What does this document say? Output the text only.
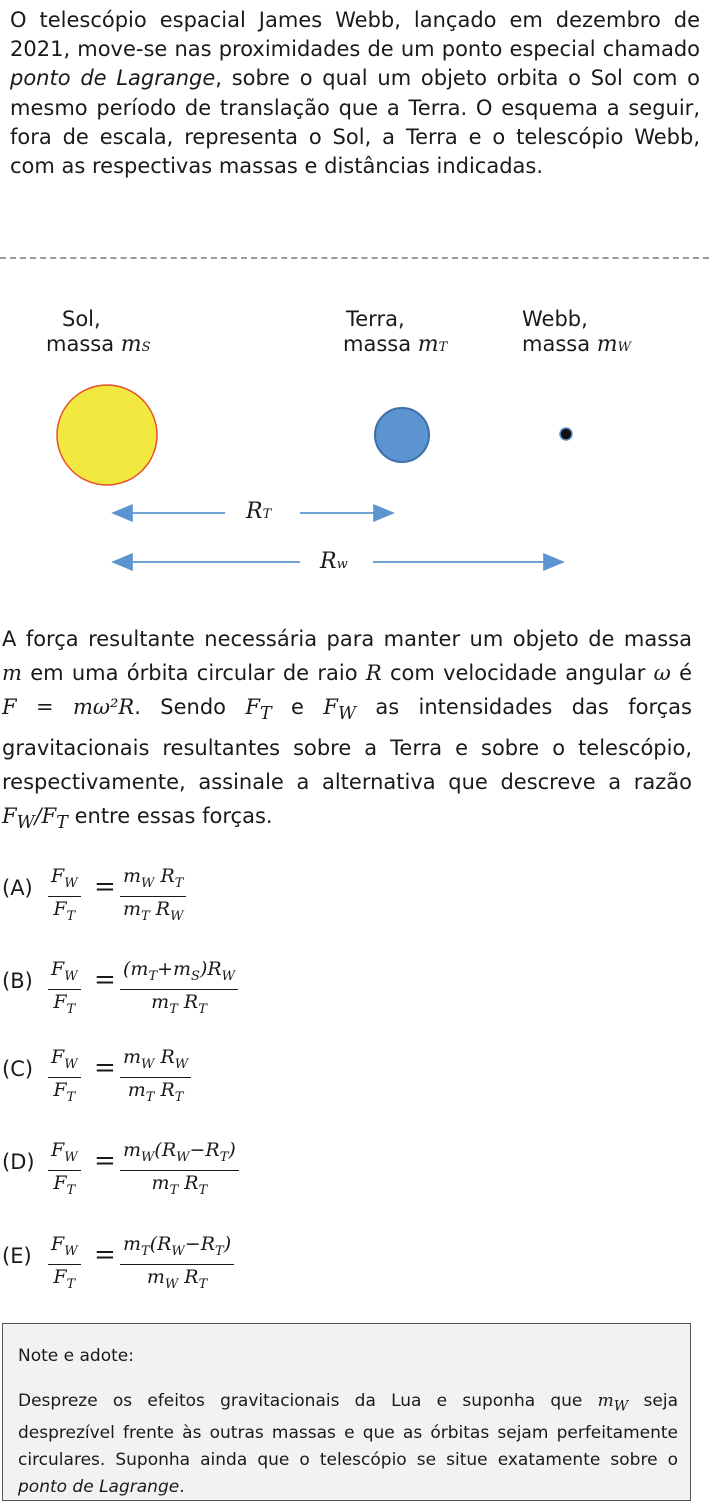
O telescópio espacial James Webb, lançado em dezembro de 2021, move-se nas proximidades de um ponto especial chamado ponto de Lagrange, sobre o qual um objeto orbita o Sol com o mesmo período de translação que a Terra. O esquema a seguir, fora de escala, representa o Sol, a Terra e o telescópio Webb, com as respectivas massas e distâncias indicadas.
Sol,
massa mS
Terra,
massa mT
Webb,
massa mW
RT
Rw
A força resultante necessária para manter um objeto de massa m em uma órbita circular de raio R com velocidade angular ω é F = mω²R. Sendo $F_T$ e $F_W$ as intensidades das forças gravitacionais resultantes sobre a Terra e sobre o telescópio, respectivamente, assinale a alternativa que descreve a razão $F_W/F_T$ entre essas forças.
$(A) \frac{F_W}{F_T} = \frac{m_W R_T}{m_T R_W}$
$(B) \frac{F_W}{F_T} = \frac{(m_T+m_S)R_W}{m_T R_T}$
$(C) \frac{F_W}{F_T} = \frac{m_W R_W}{m_T R_T}$
$(D) \frac{F_W}{F_T} = \frac{m_W(R_W-R_T)}{m_T R_T}$
$(E) \frac{F_W}{F_T} = \frac{m_T(R_W-R_T)}{m_W R_T}$
Note e adote:
Despreze os efeitos gravitacionais da Lua e suponha que $m_W$ seja desprezível frente às outras massas e que as órbitas sejam perfeitamente circulares. Suponha ainda que o telescópio se situe exatamente sobre o ponto de Lagrange.
